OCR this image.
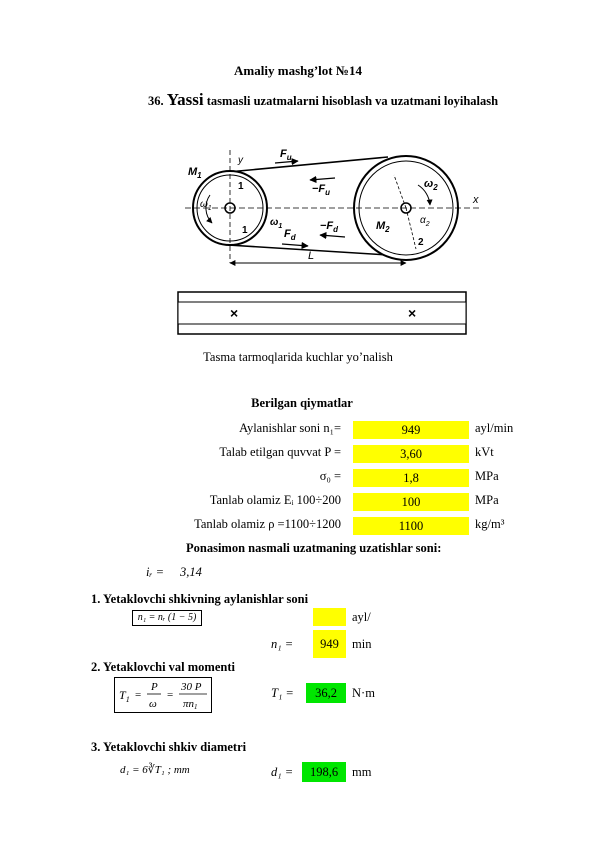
Amaliy mashg’lot №14
36. Yassi tasmasli uzatmalarni hisoblash va uzatmani loyihalash
$M_1$
y
$F_u$
$-F_u$
$\omega_2$
x
$\omega_1$
$\omega_1$
1
1	$F_d$
$-F_d$	$M_2$
$\alpha_2$
2
L
×	×
Tasma tarmoqlarida kuchlar yo’nalish
Berilgan qiymatlar
Aylanishlar soni n₁=	949	ayl/min
Talab etilgan quvvat P =	3,60	kVt
σ₀ =	1,8	MPa
Tanlab olamiz Eᵢ 100÷200	100	MPa
Tanlab olamiz ρ =1100÷1200	1100	kg/m³
Ponasimon nasmali uzatmaning uzatishlar soni:
iᵣ = 3,14
1. Yetaklovchi shkivning aylanishlar soni
n₁ = nᵣ (1 − 5)	ayl/
n₁ =	949	min
2. Yetaklovchi val momenti
$T_1$ =
P
ω
=
30 P
πn1
T₁ =	36,2	N·m
3. Yetaklovchi shkiv diametri
d₁ = 6∛T₁ ; mm	d₁ =	198,6	mm
